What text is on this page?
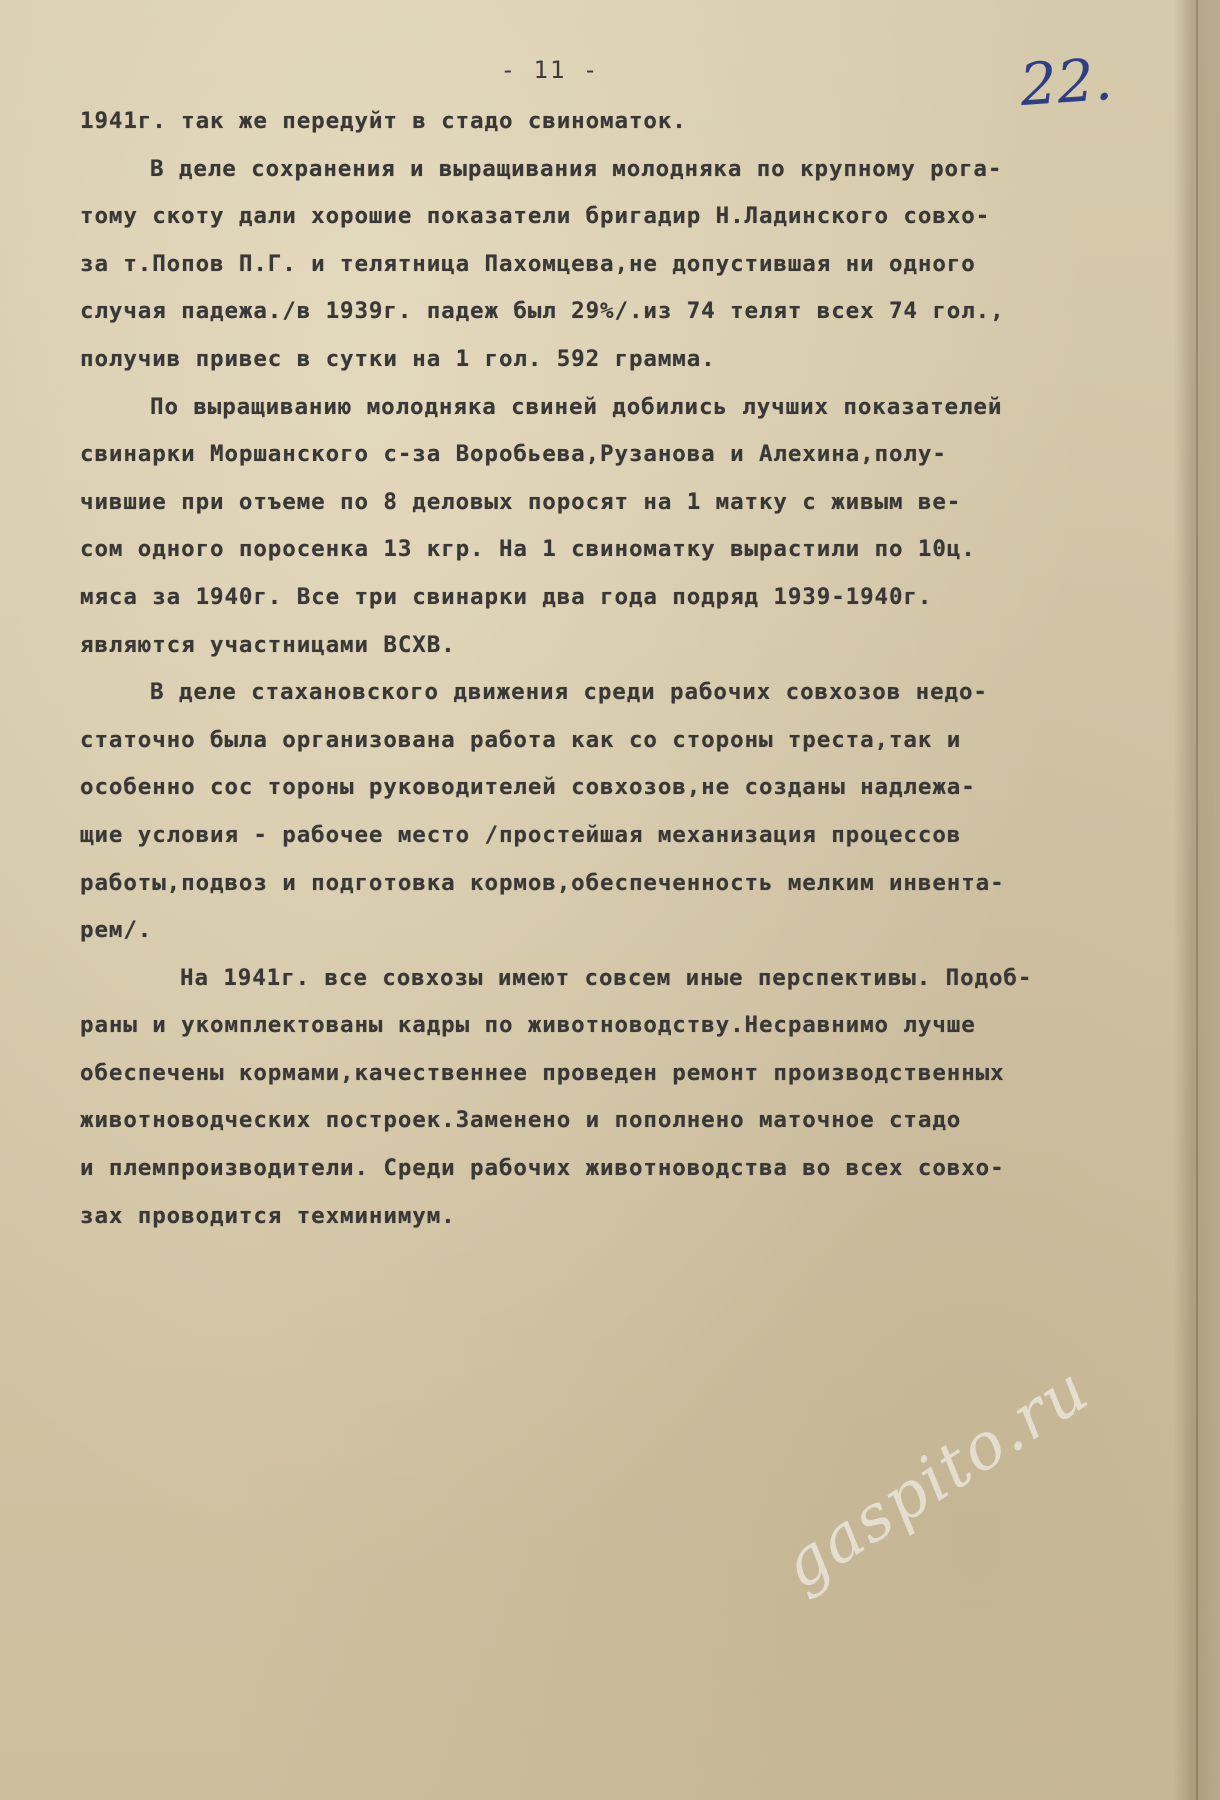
- 11 -	22.
1941г. так же передуйт в стадо свиноматок.
В деле сохранения и выращивания молодняка по крупному рога-
тому скоту дали хорошие показатели бригадир Н.Ладинского совхо-
за т.Попов П.Г. и телятница Пахомцева,не допустившая ни одного
случая падежа./в 1939г. падеж был 29%/.из 74 телят всех 74 гол.,
получив привес в сутки на 1 гол. 592 грамма.
По выращиванию молодняка свиней добились лучших показателей
свинарки Моршанского с-за Воробьева,Рузанова и Алехина,полу-
чившие при отъеме по 8 деловых поросят на 1 матку с живым ве-
сом одного поросенка 13 кгр. На 1 свиноматку вырастили по 10ц.
мяса за 1940г. Все три свинарки два года подряд 1939-1940г.
являются участницами ВСХВ.
В деле стахановского движения среди рабочих совхозов недо-
статочно была организована работа как со стороны треста,так и
особенно сос тороны руководителей совхозов,не созданы надлежа-
щие условия - рабочее место /простейшая механизация процессов
работы,подвоз и подготовка кормов,обеспеченность мелким инвента-
рем/.
На 1941г. все совхозы имеют совсем иные перспективы. Подоб-
раны и укомплектованы кадры по животноводству.Несравнимо лучше
обеспечены кормами,качественнее проведен ремонт производственных
животноводческих построек.Заменено и пополнено маточное стадо
и племпроизводители. Среди рабочих животноводства во всех совхо-
зах проводится техминимум.
gaspito.ru
